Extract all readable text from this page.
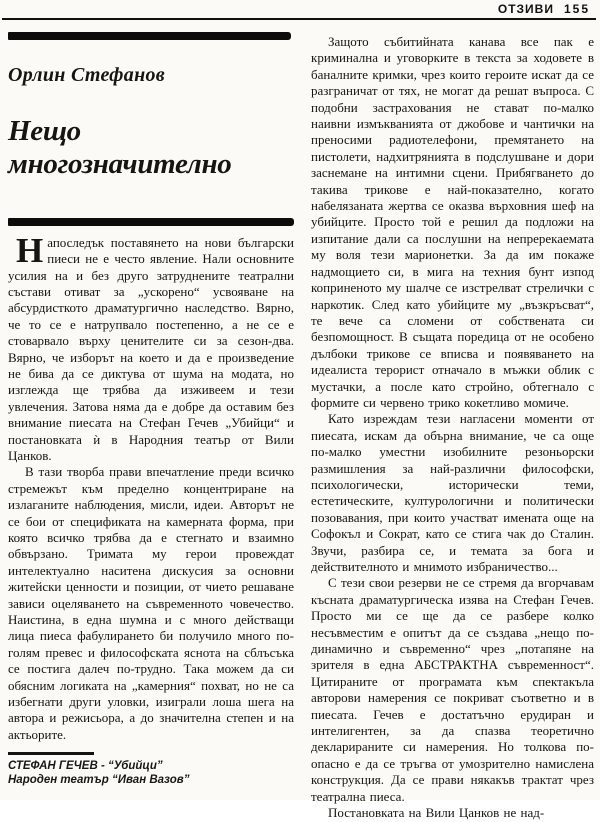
ОТЗИВИ 155
Орлин Стефанов
Нещо многозначително

Напоследък поставянето на нови български пиеси не е често явление. Нали основните усилия на и без друго затруднените театрални състави отиват за „ускорено“ усвояване на абсурдисткото драматургично наследство. Вярно, че то се е натрупвало постепенно, а не се е стоварвало върху ценителите си за сезон-два. Вярно, че изборът на което и да е произведение не бива да се диктува от шума на модата, но изглежда ще трябва да изживеем и тези увлечения. Затова няма да е добре да оставим без внимание пиесата на Стефан Гечев „Убийци“ и постановката ѝ в Народния театър от Вили Цанков.

В тази творба прави впечатление преди всичко стремежът към пределно концентриране на излаганите наблюдения, мисли, идеи. Авторът не се бои от спецификата на камерната форма, при която всичко трябва да е стегнато и взаимно обвързано. Тримата му герои провеждат интелектуално наситена дискусия за основни житейски ценности и позиции, от чието решаване зависи оцеляването на съвременното човечество. Наистина, в една шумна и с много действащи лица пиеса фабулирането би получило много по-голям превес и философската яснота на сблъсъка се постига далеч по-трудно. Така можем да си обясним логиката на „камерния“ похват, но не са избегнати други уловки, изиграли лоша шега на автора и режисьора, а до значителна степен и на актьорите.

СТЕФАН ГЕЧЕВ - “Убийци”
Народен театър “Иван Вазов”

Защото събитийната канава все пак е криминална и уговорките в текста за ходовете в баналните кримки, чрез които героите искат да се разграничат от тях, не могат да решат въпроса. С подобни застрахования не стават по-малко наивни измъкванията от джобове и чантички на преносими радиотелефони, премятането на пистолети, надхитрянията в подслушване и дори заснемане на интимни сцени. Прибягването до такива трикове е най-показателно, когато набелязаната жертва се оказва върховния шеф на убийците. Просто той е решил да подложи на изпитание дали са послушни на непререкаемата му воля тези марионетки. За да им покаже надмощието си, в мига на техния бунт изпод коприненото му шалче се изстрелват стрелички с наркотик. След като убийците му „възкръсват“, те вече са сломени от собствената си безпомощност. В същата поредица от не особено дълбоки трикове се вписва и появяването на идеалиста терорист отначало в мъжки облик с мустачки, а после като стройно, обтегнало с формите си червено трико кокетливо момиче.

Като изреждам тези нагласени моменти от пиесата, искам да обърна внимание, че са още по-малко уместни изобилните резоньорски размишления за най-различни философски, психологически, исторически теми, естетическите, културологични и политически позовавания, при които участват имената още на Софокъл и Сократ, като се стига чак до Сталин. Звучи, разбира се, и темата за бога и действителното и мнимото избраничество...

С тези свои резерви не се стремя да вгорчавам късната драматургическа изява на Стефан Гечев. Просто ми се ще да се разбере колко несъвместим е опитът да се създава „нещо по-динамично и съвременно“ чрез „потапяне на зрителя в една АБСТРАКТНА съвременност“. Цитираните от програмата към спектакъла авторови намерения се покриват съответно и в пиесата. Гечев е достатъчно ерудиран и интелигентен, за да спазва теоретично декларираните си намерения. Но толкова по-опасно е да се тръгва от умозрително намислена конструкция. Да се прави някакъв трактат чрез театрална пиеса.

Постановката на Вили Цанков не над-
